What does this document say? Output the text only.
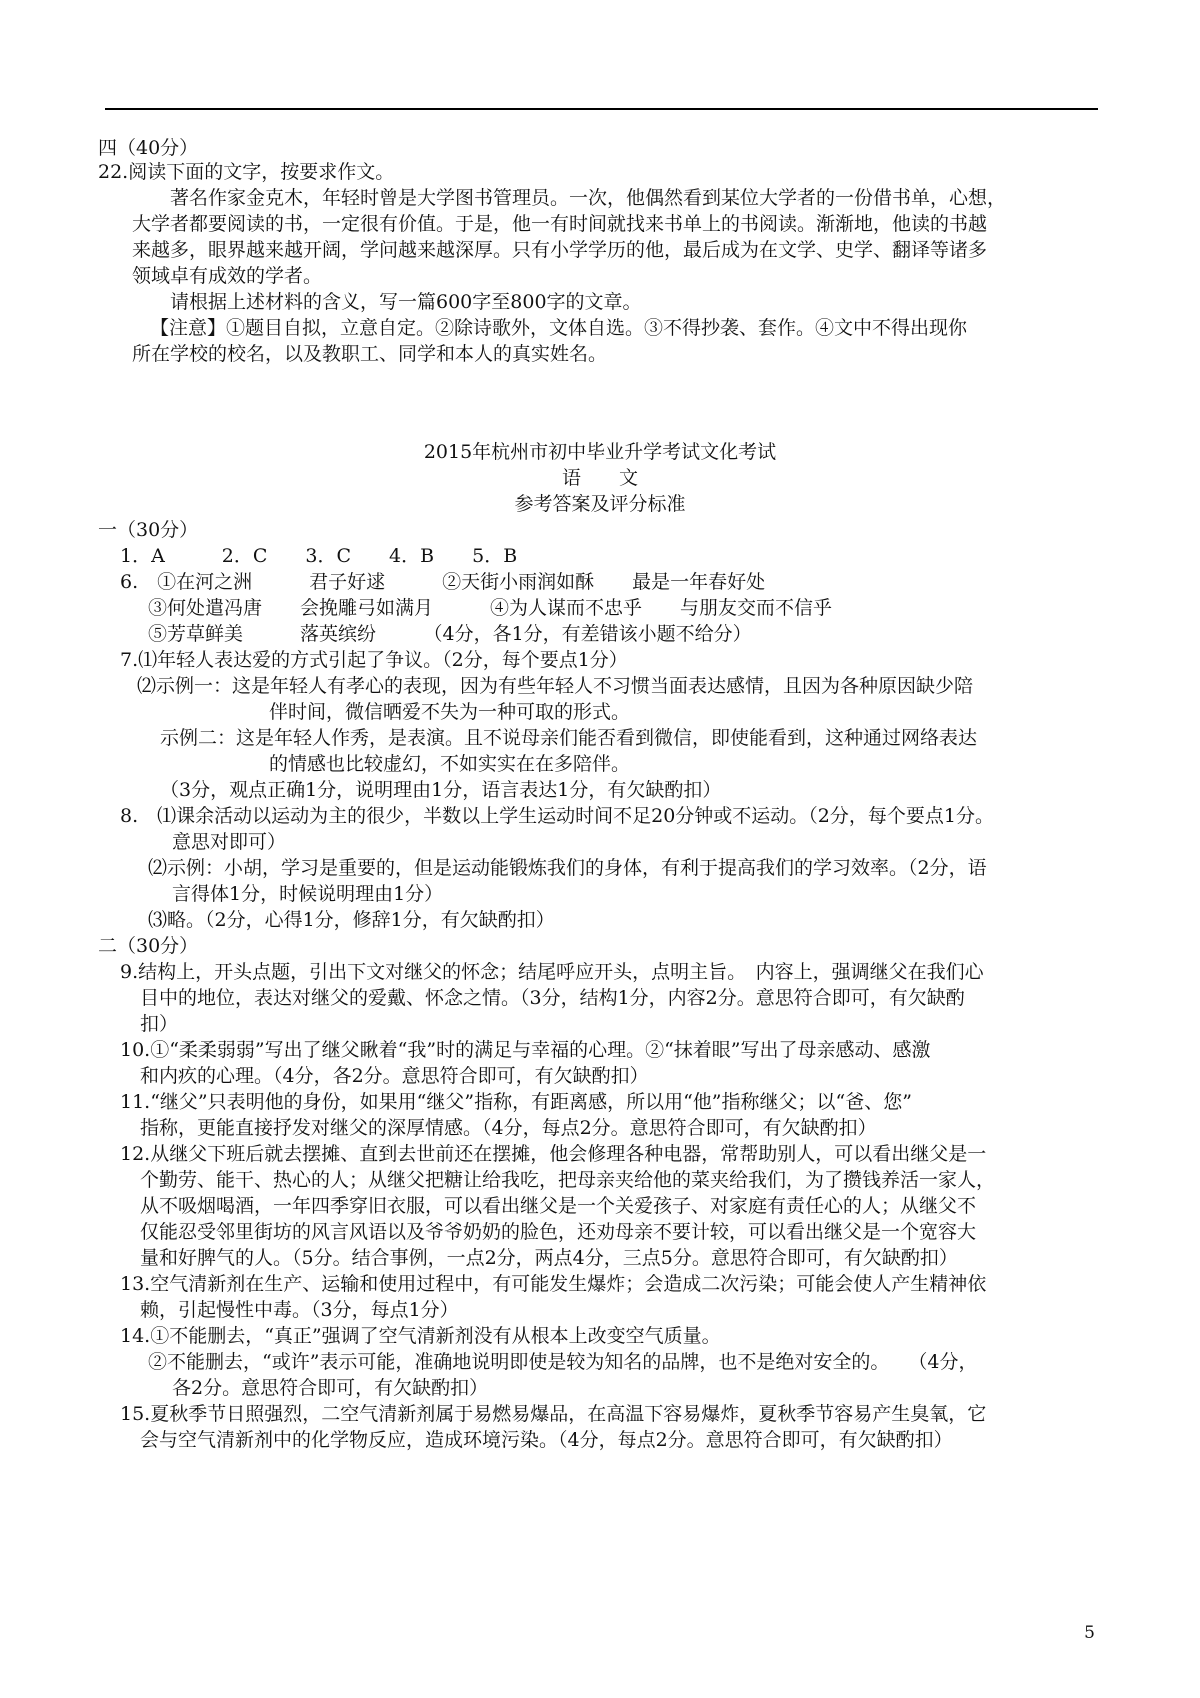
四（40分）
22.阅读下面的文字，按要求作文。
著名作家金克木，年轻时曾是大学图书管理员。一次，他偶然看到某位大学者的一份借书单，心想，
大学者都要阅读的书，一定很有价值。于是，他一有时间就找来书单上的书阅读。渐渐地，他读的书越
来越多，眼界越来越开阔，学问越来越深厚。只有小学学历的他，最后成为在文学、史学、翻译等诸多
领域卓有成效的学者。
请根据上述材料的含义，写一篇600字至800字的文章。
【注意】①题目自拟，立意自定。②除诗歌外，文体自选。③不得抄袭、套作。④文中不得出现你
所在学校的校名，以及教职工、同学和本人的真实姓名。
2015年杭州市初中毕业升学考试文化考试
语　　文
参考答案及评分标准
一（30分）
1．A　　　2．C　　3．C　　4．B　　5．B
6.　①在河之洲　　　君子好逑　　　②天街小雨润如酥　　最是一年春好处
③何处遣冯唐　　会挽雕弓如满月　　　④为人谋而不忠乎　　与朋友交而不信乎
⑤芳草鲜美　　　落英缤纷　　　（4分，各1分，有差错该小题不给分）
7.⑴年轻人表达爱的方式引起了争议。（2分，每个要点1分）
⑵示例一：这是年轻人有孝心的表现，因为有些年轻人不习惯当面表达感情，且因为各种原因缺少陪
伴时间，微信晒爱不失为一种可取的形式。
示例二：这是年轻人作秀，是表演。且不说母亲们能否看到微信，即使能看到，这种通过网络表达
的情感也比较虚幻，不如实实在在多陪伴。
（3分，观点正确1分，说明理由1分，语言表达1分，有欠缺酌扣）
8.　⑴课余活动以运动为主的很少，半数以上学生运动时间不足20分钟或不运动。（2分，每个要点1分。
意思对即可）
⑵示例：小胡，学习是重要的，但是运动能锻炼我们的身体，有利于提高我们的学习效率。（2分，语
言得体1分，时候说明理由1分）
⑶略。（2分，心得1分，修辞1分，有欠缺酌扣）
二（30分）
9.结构上，开头点题，引出下文对继父的怀念；结尾呼应开头，点明主旨。　内容上，强调继父在我们心
目中的地位，表达对继父的爱戴、怀念之情。（3分，结构1分，内容2分。意思符合即可，有欠缺酌
扣）
10.①“柔柔弱弱”写出了继父瞅着“我”时的满足与幸福的心理。②“抹着眼”写出了母亲感动、感激
和内疚的心理。（4分，各2分。意思符合即可，有欠缺酌扣）
11.“继父”只表明他的身份，如果用“继父”指称，有距离感，所以用“他”指称继父；以“爸、您”
指称，更能直接抒发对继父的深厚情感。（4分，每点2分。意思符合即可，有欠缺酌扣）
12.从继父下班后就去摆摊、直到去世前还在摆摊，他会修理各种电器，常帮助别人，可以看出继父是一
个勤劳、能干、热心的人；从继父把糖让给我吃，把母亲夹给他的菜夹给我们，为了攒钱养活一家人，
从不吸烟喝酒，一年四季穿旧衣服，可以看出继父是一个关爱孩子、对家庭有责任心的人；从继父不
仅能忍受邻里街坊的风言风语以及爷爷奶奶的脸色，还劝母亲不要计较，可以看出继父是一个宽容大
量和好脾气的人。（5分。结合事例，一点2分，两点4分，三点5分。意思符合即可，有欠缺酌扣）
13.空气清新剂在生产、运输和使用过程中，有可能发生爆炸；会造成二次污染；可能会使人产生精神依
赖，引起慢性中毒。（3分，每点1分）
14.①不能删去，“真正”强调了空气清新剂没有从根本上改变空气质量。
②不能删去，“或许”表示可能，准确地说明即使是较为知名的品牌，也不是绝对安全的。　　（4分，
各2分。意思符合即可，有欠缺酌扣）
15.夏秋季节日照强烈，二空气清新剂属于易燃易爆品，在高温下容易爆炸，夏秋季节容易产生臭氧，它
会与空气清新剂中的化学物反应，造成环境污染。（4分，每点2分。意思符合即可，有欠缺酌扣）
5
